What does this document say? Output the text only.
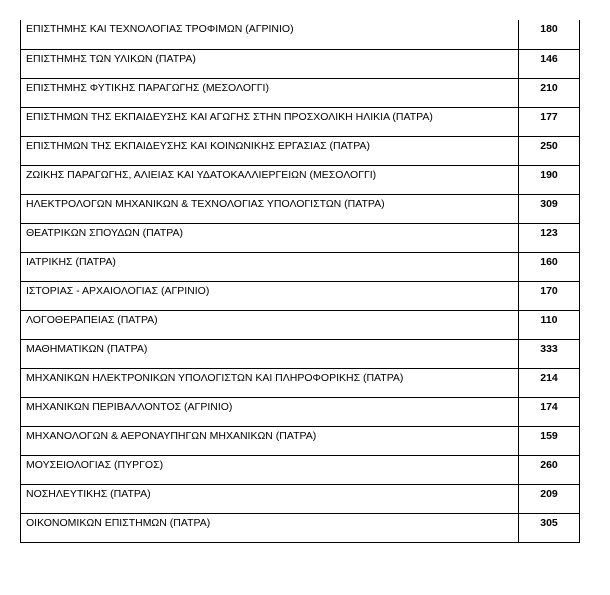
ΕΠΙΣΤΗΜΗΣ ΚΑΙ ΤΕΧΝΟΛΟΓΙΑΣ ΤΡΟΦΙΜΩΝ (ΑΓΡΙΝΙΟ)	180
ΕΠΙΣΤΗΜΗΣ ΤΩΝ ΥΛΙΚΩΝ (ΠΑΤΡΑ)	146
ΕΠΙΣΤΗΜΗΣ ΦΥΤΙΚΗΣ ΠΑΡΑΓΩΓΗΣ (ΜΕΣΟΛΟΓΓΙ)	210
ΕΠΙΣΤΗΜΩΝ ΤΗΣ ΕΚΠΑΙΔΕΥΣΗΣ ΚΑΙ ΑΓΩΓΗΣ ΣΤΗΝ ΠΡΟΣΧΟΛΙΚΗ ΗΛΙΚΙΑ (ΠΑΤΡΑ)	177
ΕΠΙΣΤΗΜΩΝ ΤΗΣ ΕΚΠΑΙΔΕΥΣΗΣ ΚΑΙ ΚΟΙΝΩΝΙΚΗΣ ΕΡΓΑΣΙΑΣ (ΠΑΤΡΑ)	250
ΖΩΙΚΗΣ ΠΑΡΑΓΩΓΗΣ, ΑΛΙΕΙΑΣ ΚΑΙ ΥΔΑΤΟΚΑΛΛΙΕΡΓΕΙΩΝ (ΜΕΣΟΛΟΓΓΙ)	190
ΗΛΕΚΤΡΟΛΟΓΩΝ ΜΗΧΑΝΙΚΩΝ & ΤΕΧΝΟΛΟΓΙΑΣ ΥΠΟΛΟΓΙΣΤΩΝ (ΠΑΤΡΑ)	309
ΘΕΑΤΡΙΚΩΝ ΣΠΟΥΔΩΝ (ΠΑΤΡΑ)	123
ΙΑΤΡΙΚΗΣ (ΠΑΤΡΑ)	160
ΙΣΤΟΡΙΑΣ - ΑΡΧΑΙΟΛΟΓΙΑΣ (ΑΓΡΙΝΙΟ)	170
ΛΟΓΟΘΕΡΑΠΕΙΑΣ (ΠΑΤΡΑ)	110
ΜΑΘΗΜΑΤΙΚΩΝ (ΠΑΤΡΑ)	333
ΜΗΧΑΝΙΚΩΝ ΗΛΕΚΤΡΟΝΙΚΩΝ ΥΠΟΛΟΓΙΣΤΩΝ ΚΑΙ ΠΛΗΡΟΦΟΡΙΚΗΣ (ΠΑΤΡΑ)	214
ΜΗΧΑΝΙΚΩΝ ΠΕΡΙΒΑΛΛΟΝΤΟΣ (ΑΓΡΙΝΙΟ)	174
ΜΗΧΑΝΟΛΟΓΩΝ & ΑΕΡΟΝΑΥΠΗΓΩΝ ΜΗΧΑΝΙΚΩΝ (ΠΑΤΡΑ)	159
ΜΟΥΣΕΙΟΛΟΓΙΑΣ (ΠΥΡΓΟΣ)	260
ΝΟΣΗΛΕΥΤΙΚΗΣ (ΠΑΤΡΑ)	209
ΟΙΚΟΝΟΜΙΚΩΝ ΕΠΙΣΤΗΜΩΝ (ΠΑΤΡΑ)	305
